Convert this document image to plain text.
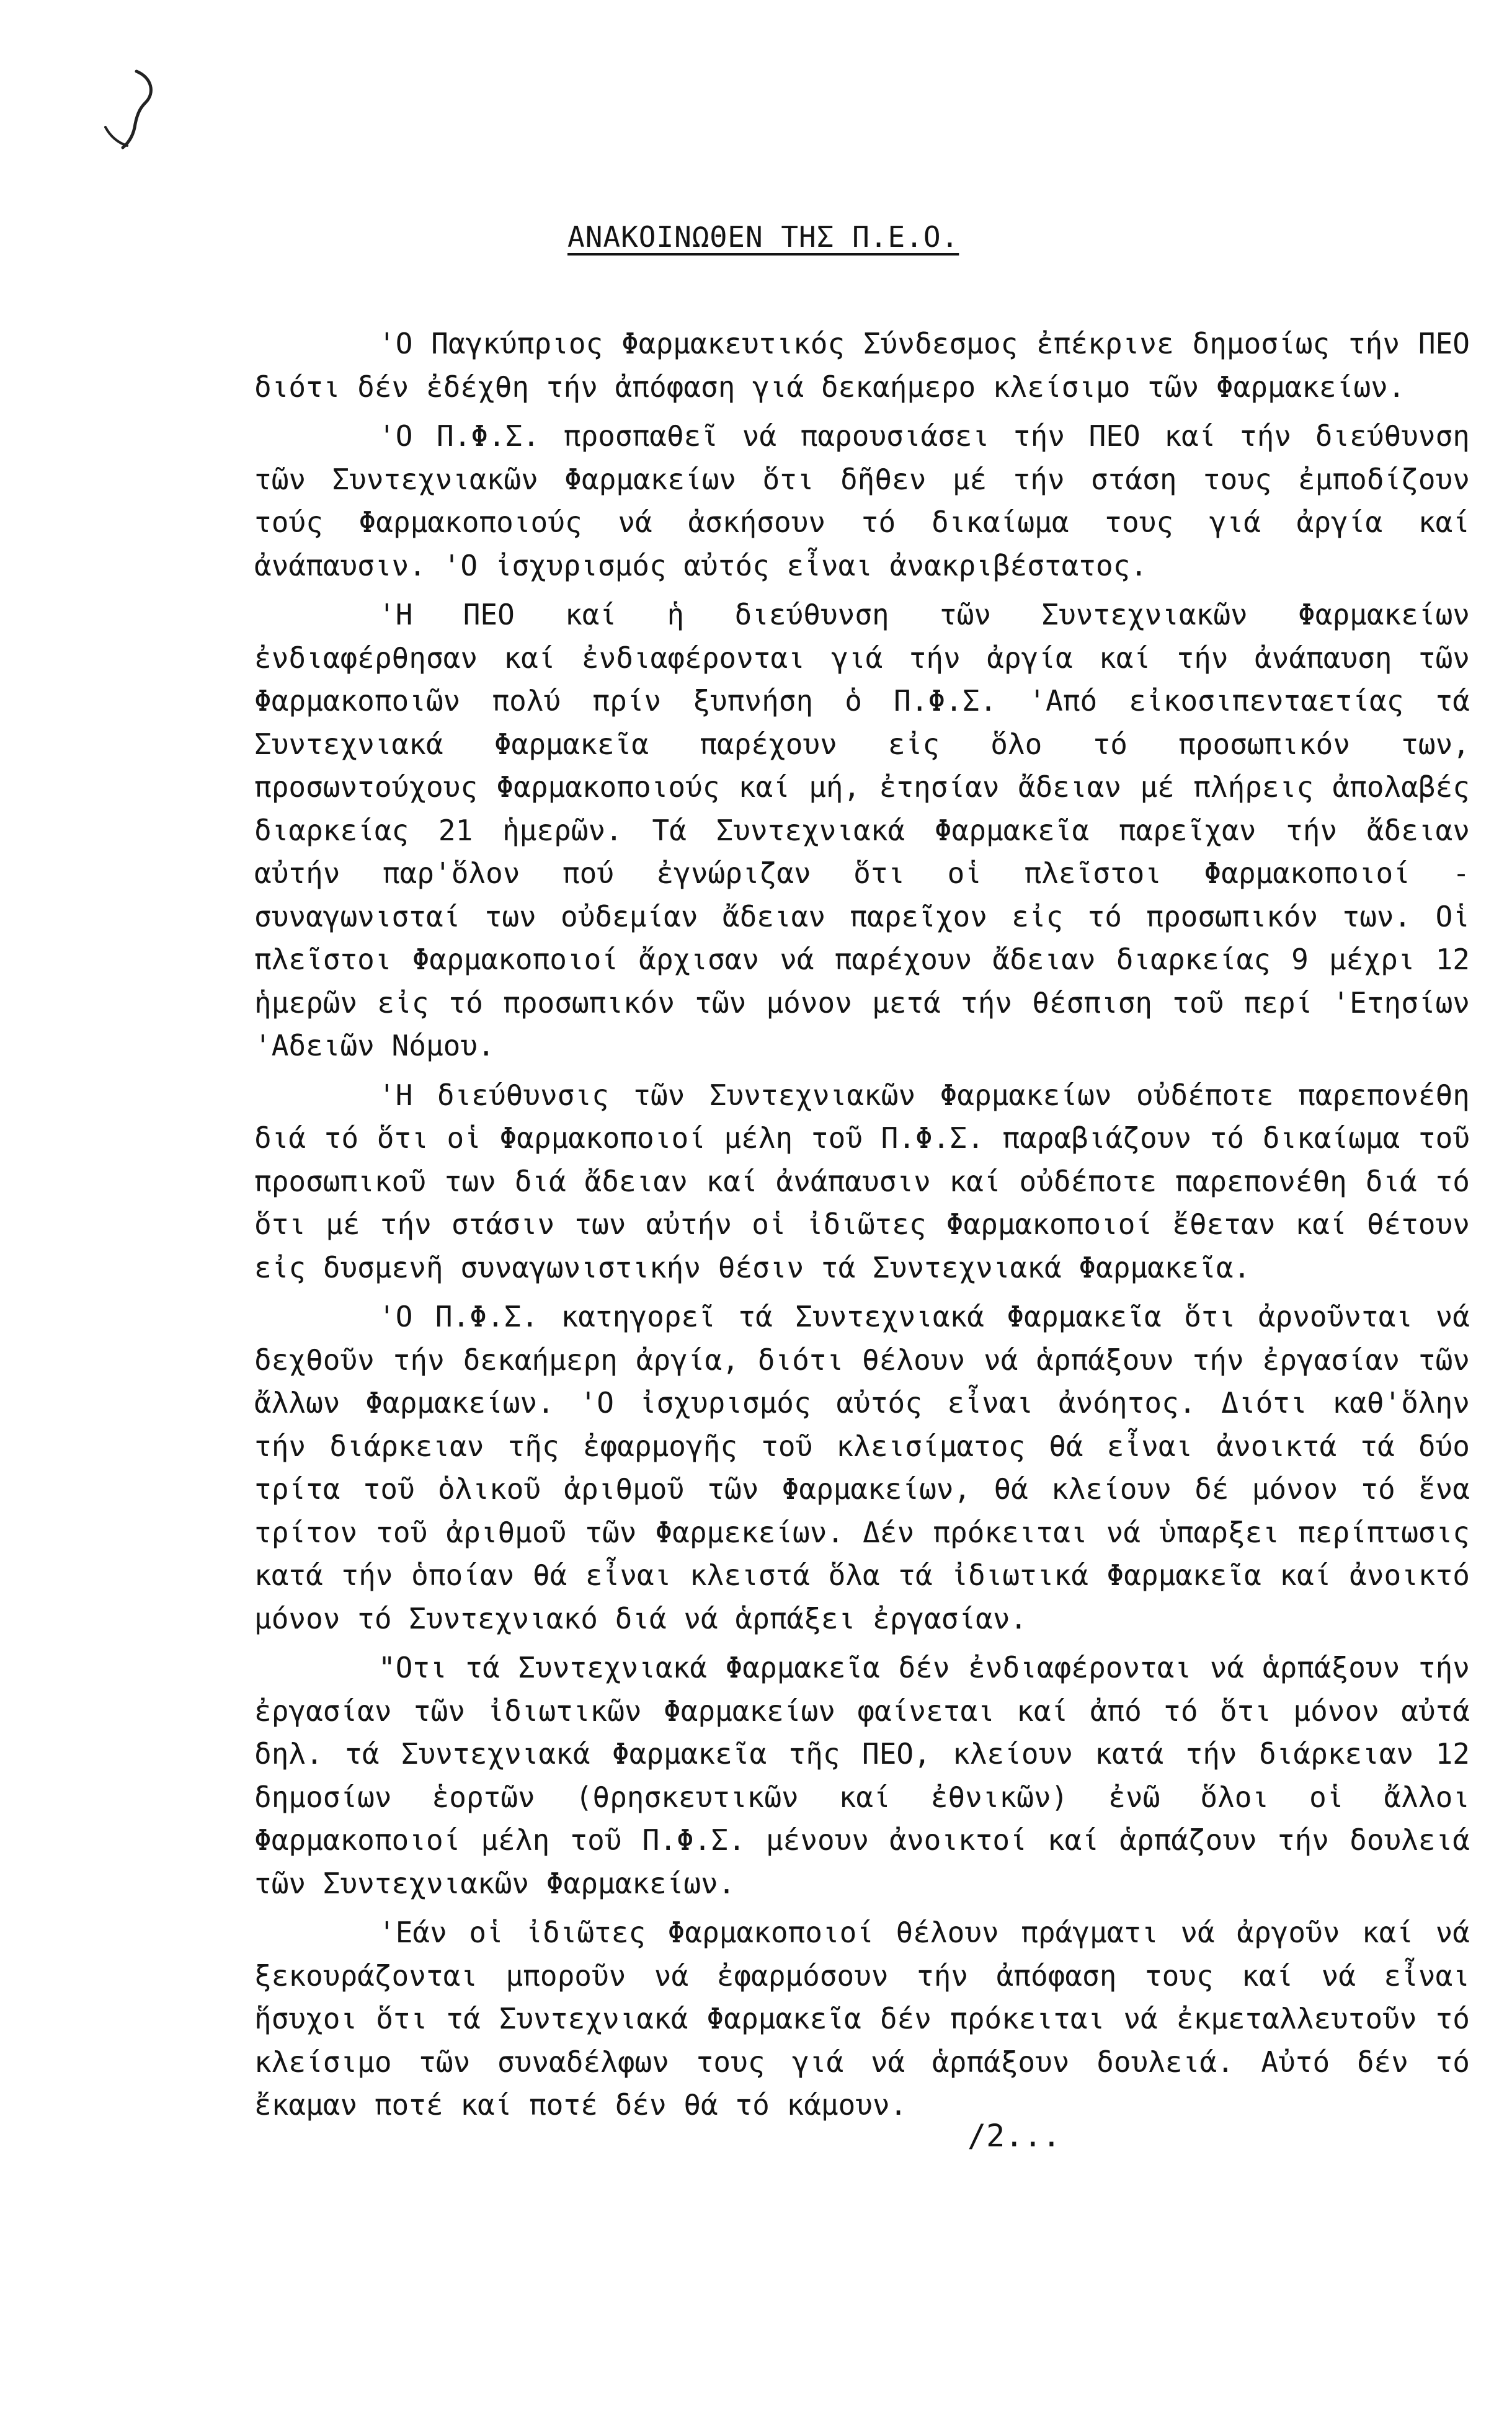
ΑΝΑΚΟΙΝΩΘΕΝ ΤΗΣ Π.Ε.Ο.

'Ο Παγκύπριος Φαρμακευτικός Σύνδεσμος ἐπέκρινε δημοσίως τήν ΠΕΟ διότι δέν ἐδέχθη τήν ἀπόφαση γιά δεκαήμερο κλείσιμο τῶν Φαρμακείων.

'Ο Π.Φ.Σ. προσπαθεῖ νά παρουσιάσει τήν ΠΕΟ καί τήν διεύθυνση τῶν Συντεχνιακῶν Φαρμακείων ὅτι δῆθεν μέ τήν στάση τους ἐμποδίζουν τούς Φαρμακοποιούς νά ἀσκήσουν τό δικαίωμα τους γιά ἀργία καί ἀνάπαυσιν. 'Ο ἰσχυρισμός αὐτός εἶναι ἀνακριβέστατος.

'Η ΠΕΟ καί ἡ διεύθυνση τῶν Συντεχνιακῶν Φαρμακείων ἐνδιαφέρθησαν καί ἐνδιαφέρονται γιά τήν ἀργία καί τήν ἀνάπαυση τῶν Φαρμακοποιῶν πολύ πρίν ξυπνήση ὁ Π.Φ.Σ. 'Από εἰκοσιπενταετίας τά Συντεχνιακά Φαρμακεῖα παρέχουν εἰς ὅλο τό προσωπικόν των, προσωντούχους Φαρμακοποιούς καί μή, ἐτησίαν ἄδειαν μέ πλήρεις ἀπολαβές διαρκείας 21 ἡμερῶν. Τά Συντεχνιακά Φαρμακεῖα παρεῖχαν τήν ἄδειαν αὐτήν παρ'ὅλον πού ἐγνώριζαν ὅτι οἱ πλεῖστοι Φαρμακοποιοί - συναγωνισταί των οὐδεμίαν ἄδειαν παρεῖχον εἰς τό προσωπικόν των. Οἱ πλεῖστοι Φαρμακοποιοί ἄρχισαν νά παρέχουν ἄδειαν διαρκείας 9 μέχρι 12 ἡμερῶν εἰς τό προσωπικόν τῶν μόνον μετά τήν θέσπιση τοῦ περί 'Ετησίων 'Αδειῶν Νόμου.

'Η διεύθυνσις τῶν Συντεχνιακῶν Φαρμακείων οὐδέποτε παρεπονέθη διά τό ὅτι οἱ Φαρμακοποιοί μέλη τοῦ Π.Φ.Σ. παραβιάζουν τό δικαίωμα τοῦ προσωπικοῦ των διά ἄδειαν καί ἀνάπαυσιν καί οὐδέποτε παρεπονέθη διά τό ὅτι μέ τήν στάσιν των αὐτήν οἱ ἰδιῶτες Φαρμακοποιοί ἔθεταν καί θέτουν εἰς δυσμενῆ συναγωνιστικήν θέσιν τά Συντεχνιακά Φαρμακεῖα.

'Ο Π.Φ.Σ. κατηγορεῖ τά Συντεχνιακά Φαρμακεῖα ὅτι ἀρνοῦνται νά δεχθοῦν τήν δεκαήμερη ἀργία, διότι θέλουν νά ἁρπάξουν τήν ἐργασίαν τῶν ἄλλων Φαρμακείων. 'Ο ἰσχυρισμός αὐτός εἶναι ἀνόητος. Διότι καθ'ὅλην τήν διάρκειαν τῆς ἐφαρμογῆς τοῦ κλεισίματος θά εἶναι ἀνοικτά τά δύο τρίτα τοῦ ὁλικοῦ ἀριθμοῦ τῶν Φαρμακείων, θά κλείουν δέ μόνον τό ἕνα τρίτον τοῦ ἀριθμοῦ τῶν Φαρμεκείων. Δέν πρόκειται νά ὑπαρξει περίπτωσις κατά τήν ὁποίαν θά εἶναι κλειστά ὅλα τά ἰδιωτικά Φαρμακεῖα καί ἀνοικτό μόνον τό Συντεχνιακό διά νά ἁρπάξει ἐργασίαν.

"Οτι τά Συντεχνιακά Φαρμακεῖα δέν ἐνδιαφέρονται νά ἁρπάξουν τήν ἐργασίαν τῶν ἰδιωτικῶν Φαρμακείων φαίνεται καί ἀπό τό ὅτι μόνον αὐτά δηλ. τά Συντεχνιακά Φαρμακεῖα τῆς ΠΕΟ, κλείουν κατά τήν διάρκειαν 12 δημοσίων ἑορτῶν (θρησκευτικῶν καί ἐθνικῶν) ἐνῶ ὅλοι οἱ ἄλλοι Φαρμακοποιοί μέλη τοῦ Π.Φ.Σ. μένουν ἀνοικτοί καί ἁρπάζουν τήν δουλειά τῶν Συντεχνιακῶν Φαρμακείων.

'Εάν οἱ ἰδιῶτες Φαρμακοποιοί θέλουν πράγματι νά ἀργοῦν καί νά ξεκουράζονται μποροῦν νά ἐφαρμόσουν τήν ἀπόφαση τους καί νά εἶναι ἥσυχοι ὅτι τά Συντεχνιακά Φαρμακεῖα δέν πρόκειται νά ἐκμεταλλευτοῦν τό κλείσιμο τῶν συναδέλφων τους γιά νά ἁρπάξουν δουλειά. Αὐτό δέν τό ἔκαμαν ποτέ καί ποτέ δέν θά τό κάμουν.

/2...
